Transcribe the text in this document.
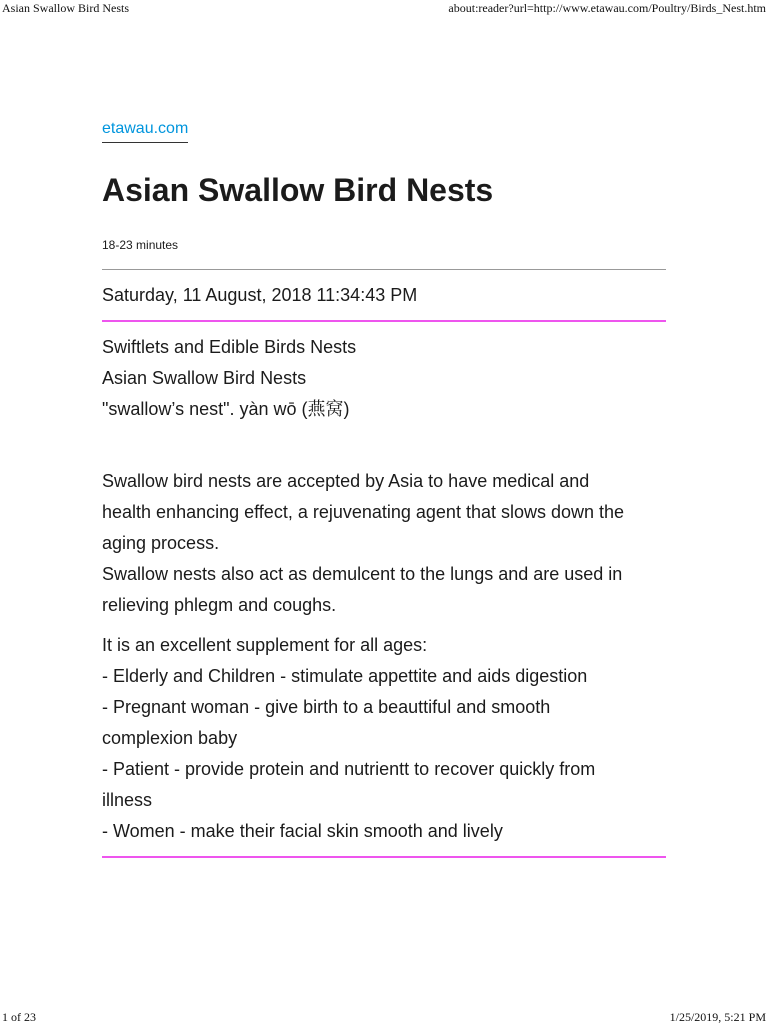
Asian Swallow Bird Nests	about:reader?url=http://www.etawau.com/Poultry/Birds_Nest.htm
etawau.com
Asian Swallow Bird Nests
18-23 minutes
Saturday, 11 August, 2018 11:34:43 PM
Swiftlets and Edible Birds Nests
Asian Swallow Bird Nests
"swallow’s nest". yàn wō (燕窝)
Swallow bird nests are accepted by Asia to have medical and
health enhancing effect, a rejuvenating agent that slows down the
aging process.
Swallow nests also act as demulcent to the lungs and are used in
relieving phlegm and coughs.
It is an excellent supplement for all ages:
- Elderly and Children - stimulate appettite and aids digestion
- Pregnant woman - give birth to a beauttiful and smooth
complexion baby
- Patient - provide protein and nutrientt to recover quickly from
illness
- Women - make their facial skin smooth and lively
1 of 23	1/25/2019, 5:21 PM
